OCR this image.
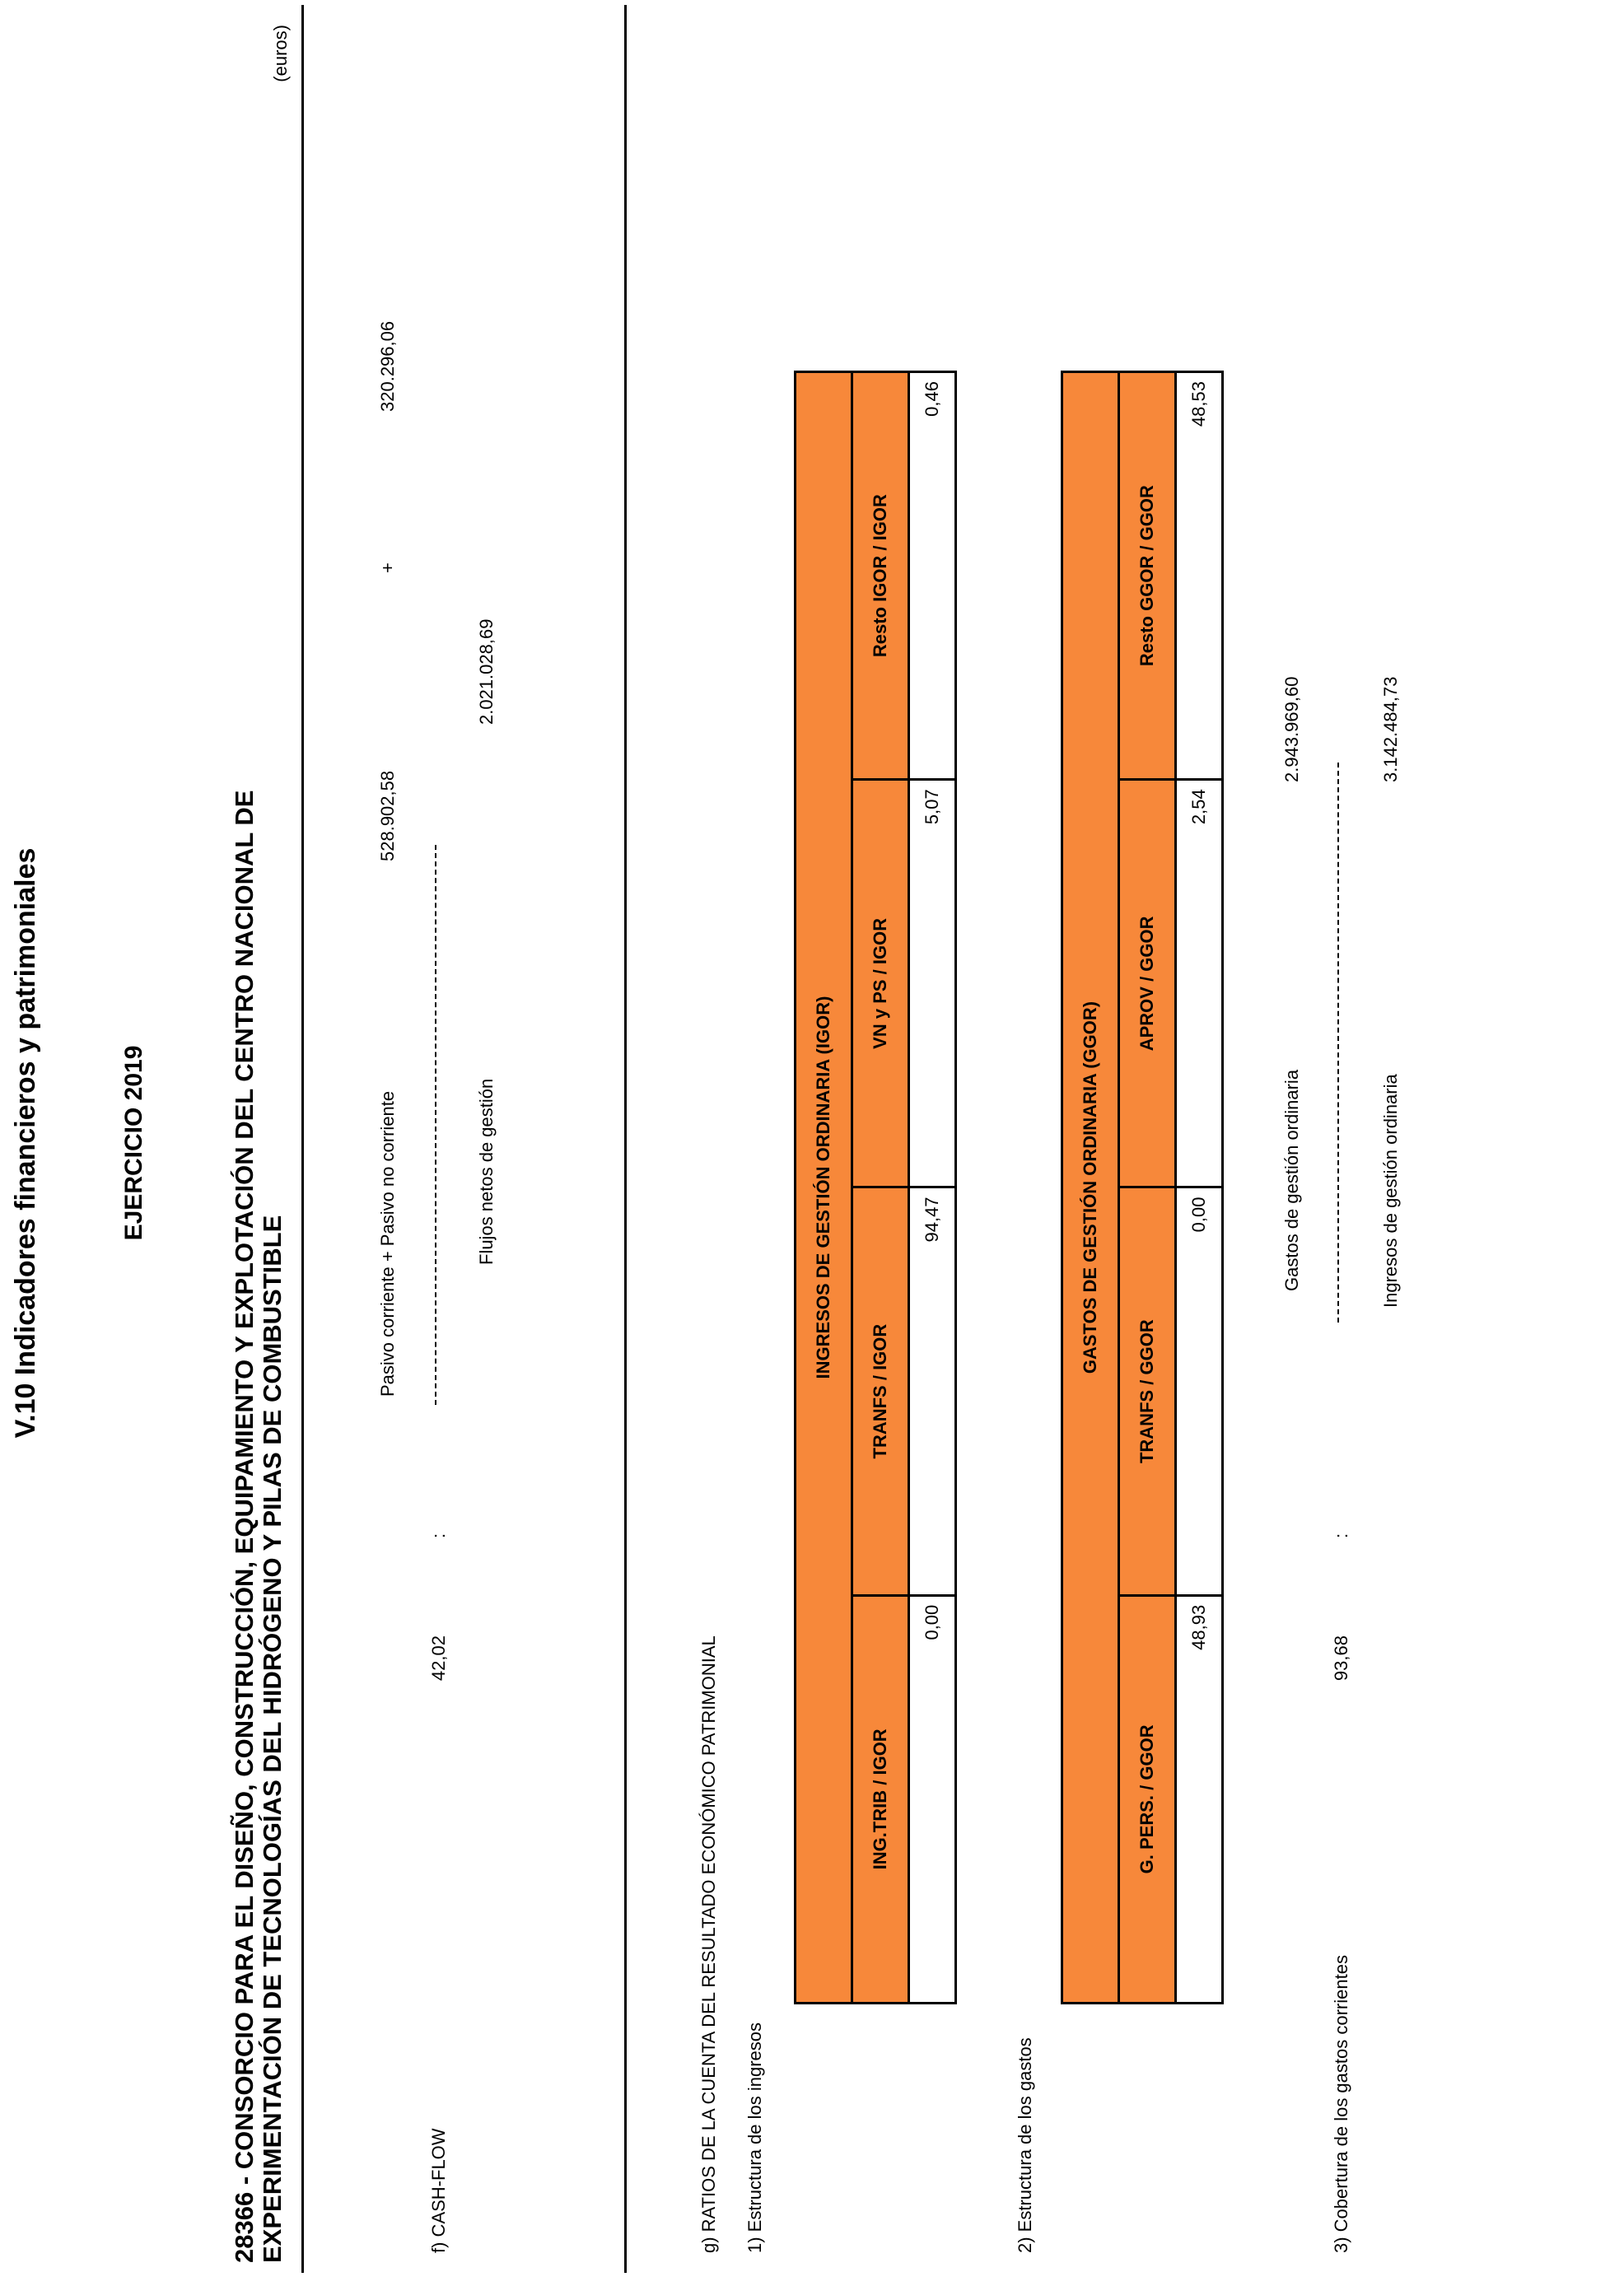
V.10 Indicadores financieros y patrimoniales	EJERCICIO 2019	28366 - CONSORCIO PARA EL DISEÑO, CONSTRUCCIÓN, EQUIPAMIENTO Y EXPLOTACIÓN DEL CENTRO NACIONAL DE EXPERIMENTACIÓN DE TECNOLOGÍAS DEL HIDRÓGENO Y PILAS DE COMBUSTIBLE
(euros)
f) CASH-FLOW
42,02
:
Pasivo corriente + Pasivo no corriente	Flujos netos de gestión
528.902,58
+
320.296,06
2.021.028,69
g) RATIOS DE LA CUENTA DEL RESULTADO ECONÓMICO PATRIMONIAL 1) Estructura de los ingresos
INGRESOS DE GESTIÓN ORDINARIA (IGOR)			
ING.TRIB / IGOR	TRANFS / IGOR	VN y PS / IGOR	Resto IGOR / IGOR
0,00	94,47	5,07	0,46
2) Estructura de los gastos
GASTOS DE GESTIÓN ORDINARIA (GGOR)			
G. PERS. / GGOR	TRANFS / GGOR	APROV / GGOR	Resto GGOR / GGOR
48,93	0,00	2,54	48,53
3) Cobertura de los gastos corrientes
93,68
:
Gastos de gestión ordinaria	Ingresos de gestión ordinaria
2.943.969,60	3.142.484,73
